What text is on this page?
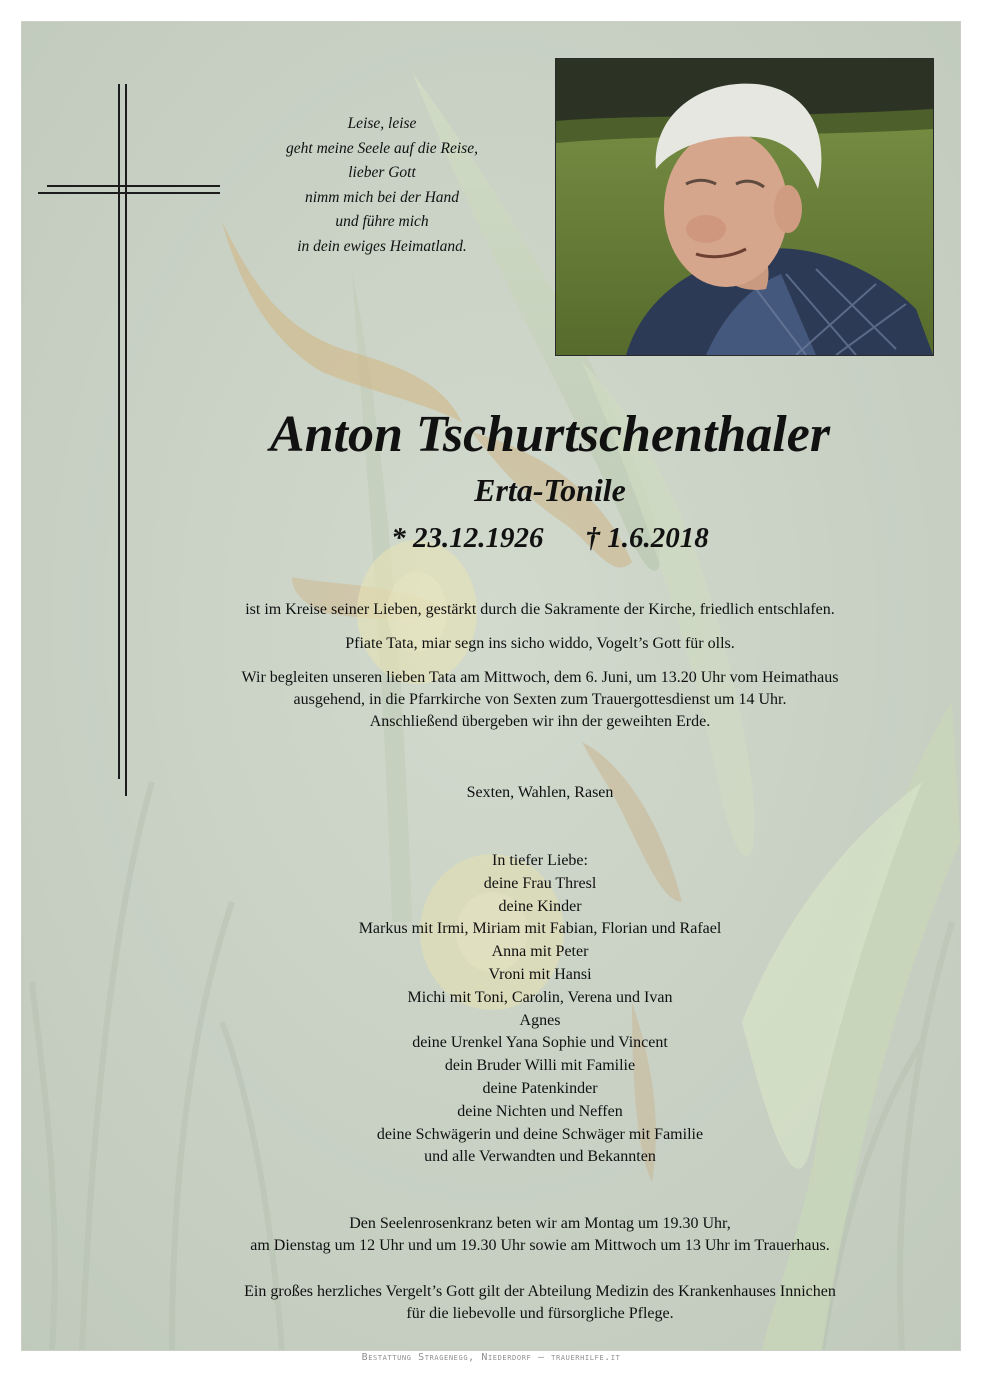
Leise, leise
geht meine Seele auf die Reise,
lieber Gott
nimm mich bei der Hand
und führe mich
in dein ewiges Heimatland.
Anton Tschurtschenthaler
Erta-Tonile
* 23.12.1926 † 1.6.2018
ist im Kreise seiner Lieben, gestärkt durch die Sakramente der Kirche, friedlich entschlafen.
Pfiate Tata, miar segn ins sicho widdo, Vogelt’s Gott für olls.
Wir begleiten unseren lieben Tata am Mittwoch, dem 6. Juni, um 13.20 Uhr vom Heimathaus
ausgehend, in die Pfarrkirche von Sexten zum Trauergottesdienst um 14 Uhr.
Anschließend übergeben wir ihn der geweihten Erde.
Sexten, Wahlen, Rasen
In tiefer Liebe:
deine Frau Thresl
deine Kinder
Markus mit Irmi, Miriam mit Fabian, Florian und Rafael
Anna mit Peter
Vroni mit Hansi
Michi mit Toni, Carolin, Verena und Ivan
Agnes
deine Urenkel Yana Sophie und Vincent
dein Bruder Willi mit Familie
deine Patenkinder
deine Nichten und Neffen
deine Schwägerin und deine Schwäger mit Familie
und alle Verwandten und Bekannten
Den Seelenrosenkranz beten wir am Montag um 19.30 Uhr,
am Dienstag um 12 Uhr und um 19.30 Uhr sowie am Mittwoch um 13 Uhr im Trauerhaus.
Ein großes herzliches Vergelt’s Gott gilt der Abteilung Medizin des Krankenhauses Innichen
für die liebevolle und fürsorgliche Pflege.
Bestattung Stragenegg, Niederdorf – trauerhilfe.it
